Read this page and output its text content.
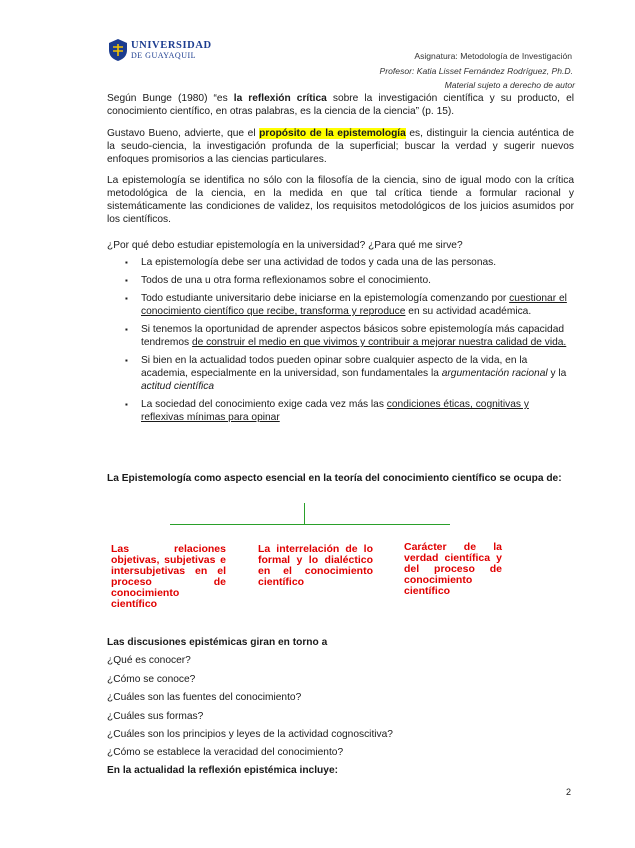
UNIVERSIDAD
DE GUAYAQUIL	Asignatura: Metodología de Investigación
Profesor: Katia Lisset Fernández Rodríguez, Ph.D.
Material sujeto a derecho de autor
Según Bunge (1980) “es la reflexión crítica sobre la investigación científica y su producto, el conocimiento científico, en otras palabras, es la ciencia de la ciencia” (p. 15).
Gustavo Bueno, advierte, que el propósito de la epistemología es, distinguir la ciencia auténtica de la seudo-ciencia, la investigación profunda de la superficial; buscar la verdad y sugerir nuevos enfoques promisorios a las ciencias particulares.
La epistemología se identifica no sólo con la filosofía de la ciencia, sino de igual modo con la crítica metodológica de la ciencia, en la medida en que tal crítica tiende a formular racional y sistemáticamente las condiciones de validez, los requisitos metodológicos de los juicios asumidos por los científicos.
¿Por qué debo estudiar epistemología en la universidad? ¿Para qué me sirve?
▪ La epistemología debe ser una actividad de todos y cada una de las personas.
▪ Todos de una u otra forma reflexionamos sobre el conocimiento.
▪ Todo estudiante universitario debe iniciarse en la epistemología comenzando por cuestionar el conocimiento científico que recibe, transforma y reproduce en su actividad académica.
▪ Si tenemos la oportunidad de aprender aspectos básicos sobre epistemología más capacidad tendremos de construir el medio en que vivimos y contribuir a mejorar nuestra calidad de vida.
▪ Si bien en la actualidad todos pueden opinar sobre cualquier aspecto de la vida, en la academia, especialmente en la universidad, son fundamentales la argumentación racional y la actitud científica
▪ La sociedad del conocimiento exige cada vez más las condiciones éticas, cognitivas y reflexivas mínimas para opinar
La Epistemología como aspecto esencial en la teoría del conocimiento científico se ocupa de:
Las relaciones objetivas, subjetivas e intersubjetivas en el proceso de conocimiento científico
La interrelación de lo formal y lo dialéctico en el conocimiento científico
Carácter de la verdad científica y del proceso de conocimiento científico
Las discusiones epistémicas giran en torno a
¿Qué es conocer?
¿Cómo se conoce?
¿Cuáles son las fuentes del conocimiento?
¿Cuáles sus formas?
¿Cuáles son los principios y leyes de la actividad cognoscitiva?
¿Cómo se establece la veracidad del conocimiento?
En la actualidad la reflexión epistémica incluye:
2
